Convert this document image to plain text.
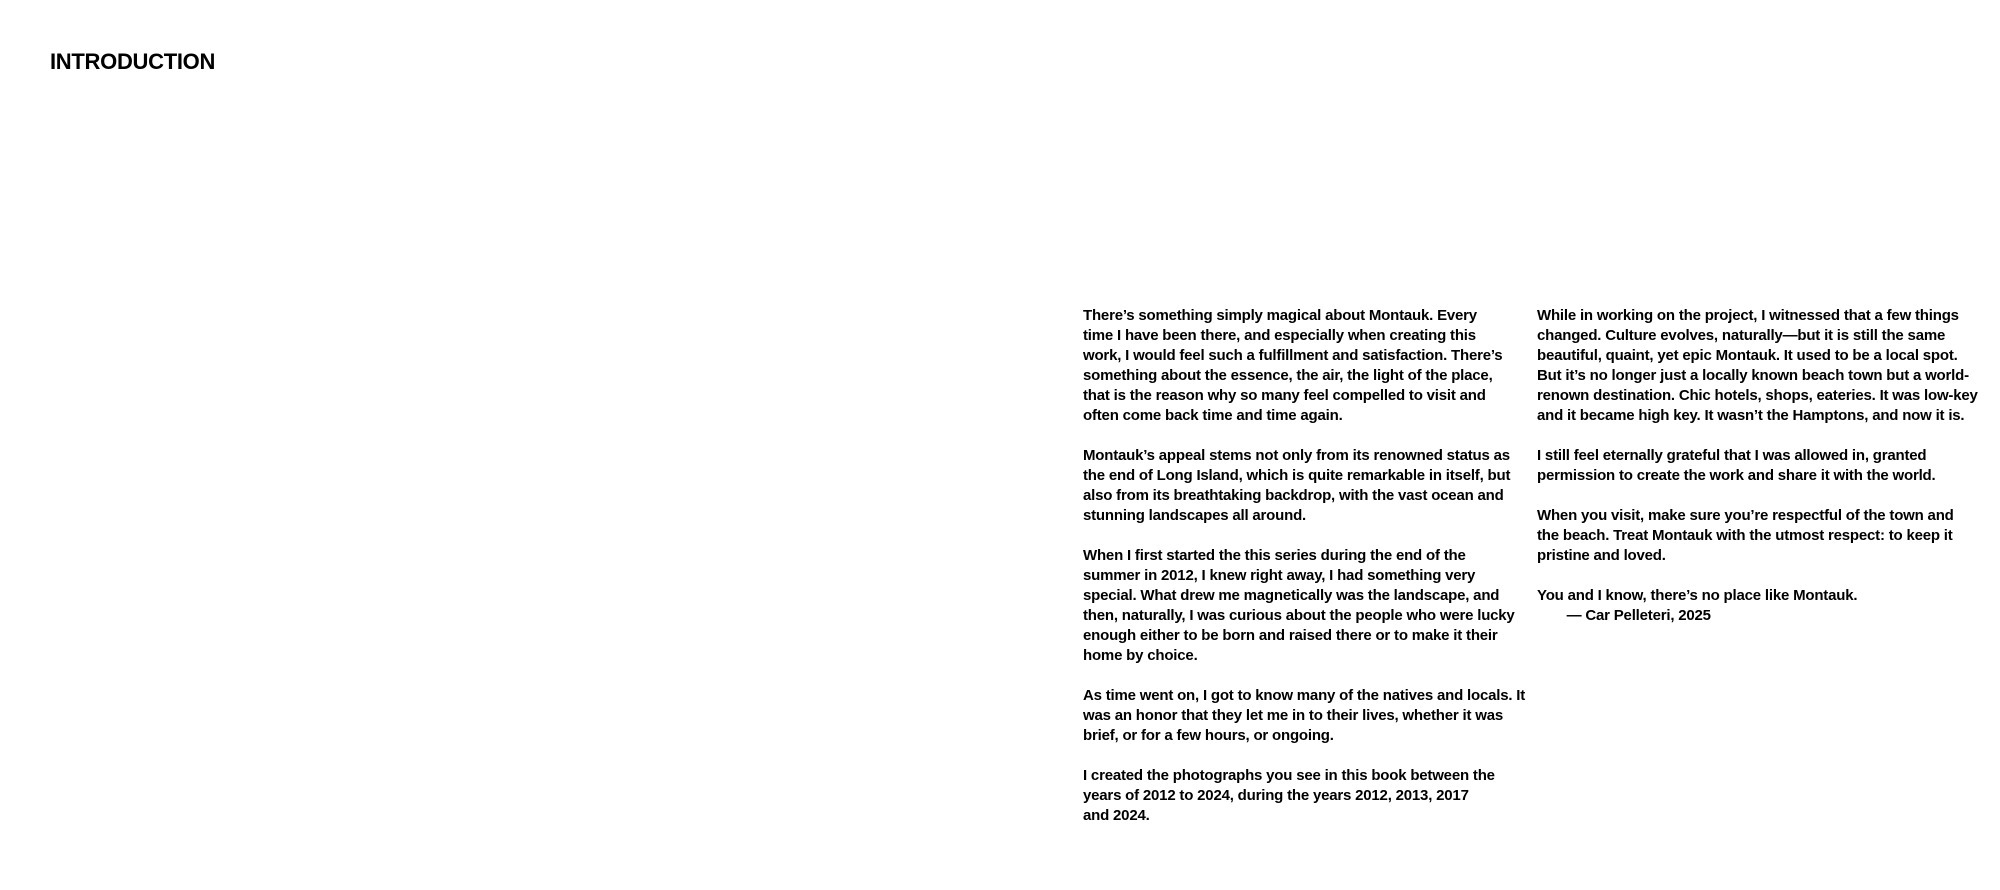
INTRODUCTION
There’s something simply magical about Montauk. Every
time I have been there, and especially when creating this
work, I would feel such a fulfillment and satisfaction. There’s
something about the essence, the air, the light of the place,
that is the reason why so many feel compelled to visit and
often come back time and time again.
Montauk’s appeal stems not only from its renowned status as
the end of Long Island, which is quite remarkable in itself, but
also from its breathtaking backdrop, with the vast ocean and
stunning landscapes all around.
When I first started the this series during the end of the
summer in 2012, I knew right away, I had something very
special. What drew me magnetically was the landscape, and
then, naturally, I was curious about the people who were lucky
enough either to be born and raised there or to make it their
home by choice.
As time went on, I got to know many of the natives and locals. It
was an honor that they let me in to their lives, whether it was
brief, or for a few hours, or ongoing.
I created the photographs you see in this book between the
years of 2012 to 2024, during the years 2012, 2013, 2017
and 2024.
While in working on the project, I witnessed that a few things
changed. Culture evolves, naturally—but it is still the same
beautiful, quaint, yet epic Montauk. It used to be a local spot.
But it’s no longer just a locally known beach town but a world-
renown destination. Chic hotels, shops, eateries. It was low-key
and it became high key. It wasn’t the Hamptons, and now it is.
I still feel eternally grateful that I was allowed in, granted
permission to create the work and share it with the world.
When you visit, make sure you’re respectful of the town and
the beach. Treat Montauk with the utmost respect: to keep it
pristine and loved.
You and I know, there’s no place like Montauk.
  — Car Pelleteri, 2025
